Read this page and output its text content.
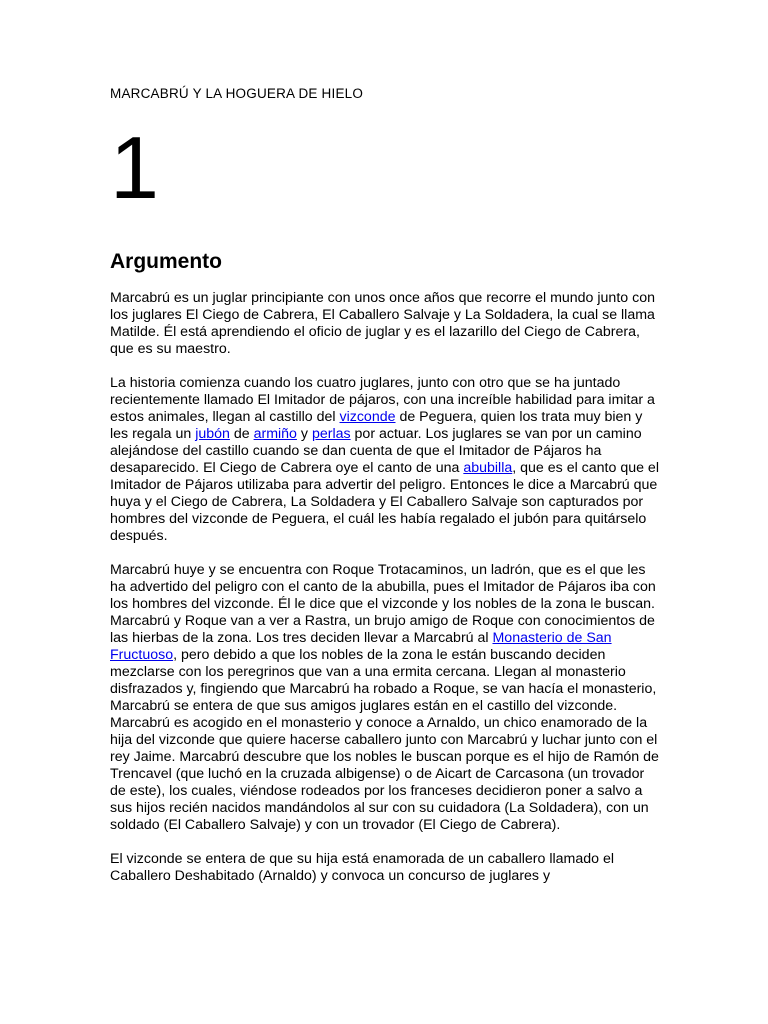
MARCABRÚ Y LA HOGUERA DE HIELO
1
Argumento

Marcabrú es un juglar principiante con unos once años que recorre el mundo junto con los juglares El Ciego de Cabrera, El Caballero Salvaje y La Soldadera, la cual se llama Matilde. Él está aprendiendo el oficio de juglar y es el lazarillo del Ciego de Cabrera, que es su maestro.

La historia comienza cuando los cuatro juglares, junto con otro que se ha juntado recientemente llamado El Imitador de pájaros, con una increíble habilidad para imitar a estos animales, llegan al castillo del vizconde de Peguera, quien los trata muy bien y les regala un jubón de armiño y perlas por actuar. Los juglares se van por un camino alejándose del castillo cuando se dan cuenta de que el Imitador de Pájaros ha desaparecido. El Ciego de Cabrera oye el canto de una abubilla, que es el canto que el Imitador de Pájaros utilizaba para advertir del peligro. Entonces le dice a Marcabrú que huya y el Ciego de Cabrera, La Soldadera y El Caballero Salvaje son capturados por hombres del vizconde de Peguera, el cuál les había regalado el jubón para quitárselo después.

Marcabrú huye y se encuentra con Roque Trotacaminos, un ladrón, que es el que les ha advertido del peligro con el canto de la abubilla, pues el Imitador de Pájaros iba con los hombres del vizconde. Él le dice que el vizconde y los nobles de la zona le buscan. Marcabrú y Roque van a ver a Rastra, un brujo amigo de Roque con conocimientos de las hierbas de la zona. Los tres deciden llevar a Marcabrú al Monasterio de San Fructuoso, pero debido a que los nobles de la zona le están buscando deciden mezclarse con los peregrinos que van a una ermita cercana. Llegan al monasterio disfrazados y, fingiendo que Marcabrú ha robado a Roque, se van hacía el monasterio, Marcabrú se entera de que sus amigos juglares están en el castillo del vizconde. Marcabrú es acogido en el monasterio y conoce a Arnaldo, un chico enamorado de la hija del vizconde que quiere hacerse caballero junto con Marcabrú y luchar junto con el rey Jaime. Marcabrú descubre que los nobles le buscan porque es el hijo de Ramón de Trencavel (que luchó en la cruzada albigense) o de Aicart de Carcasona (un trovador de este), los cuales, viéndose rodeados por los franceses decidieron poner a salvo a sus hijos recién nacidos mandándolos al sur con su cuidadora (La Soldadera), con un soldado (El Caballero Salvaje) y con un trovador (El Ciego de Cabrera).

El vizconde se entera de que su hija está enamorada de un caballero llamado el Caballero Deshabitado (Arnaldo) y convoca un concurso de juglares y
